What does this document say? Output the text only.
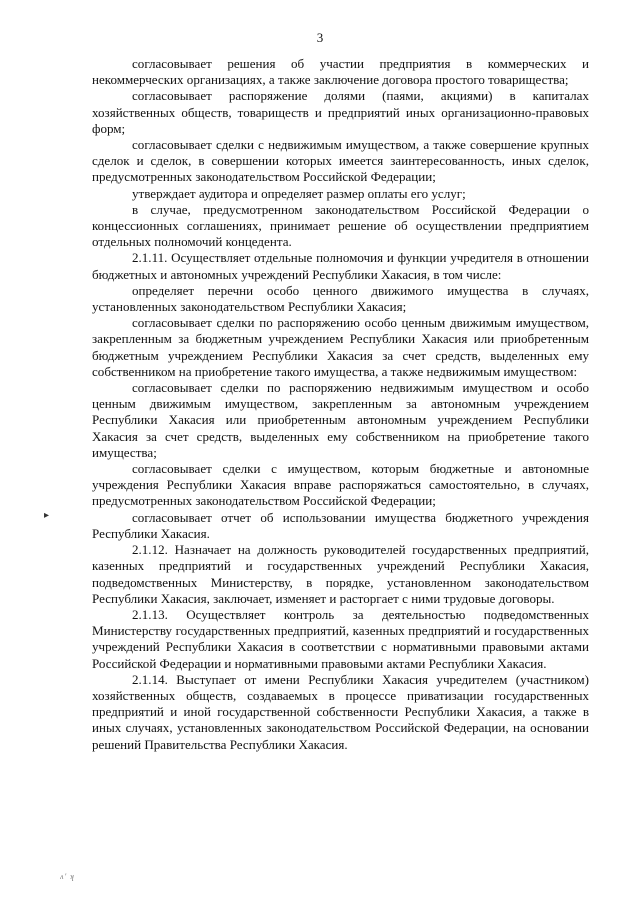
3

согласовывает решения об участии предприятия в коммерческих и некоммерческих организациях, а также заключение договора простого товарищества;

согласовывает распоряжение долями (паями, акциями) в капиталах хозяйственных обществ, товариществ и предприятий иных организационно-правовых форм;

согласовывает сделки с недвижимым имуществом, а также совершение крупных сделок и сделок, в совершении которых имеется заинтересованность, иных сделок, предусмотренных законодательством Российской Федерации;

утверждает аудитора и определяет размер оплаты его услуг;

в случае, предусмотренном законодательством Российской Федерации о концессионных соглашениях, принимает решение об осуществлении предприятием отдельных полномочий концедента.

2.1.11. Осуществляет отдельные полномочия и функции учредителя в отношении бюджетных и автономных учреждений Республики Хакасия, в том числе:

определяет перечни особо ценного движимого имущества в случаях, установленных законодательством Республики Хакасия;

согласовывает сделки по распоряжению особо ценным движимым имуществом, закрепленным за бюджетным учреждением Республики Хакасия или приобретенным бюджетным учреждением Республики Хакасия за счет средств, выделенных ему собственником на приобретение такого имущества, а также недвижимым имуществом:

согласовывает сделки по распоряжению недвижимым имуществом и особо ценным движимым имуществом, закрепленным за автономным учреждением Республики Хакасия или приобретенным автономным учреждением Республики Хакасия за счет средств, выделенных ему собственником на приобретение такого имущества;

согласовывает сделки с имуществом, которым бюджетные и автономные учреждения Республики Хакасия вправе распоряжаться самостоятельно, в случаях, предусмотренных законодательством Российской Федерации;

согласовывает отчет об использовании имущества бюджетного учреждения Республики Хакасия.

2.1.12. Назначает на должность руководителей государственных предприятий, казенных предприятий и государственных учреждений Республики Хакасия, подведомственных Министерству, в порядке, установленном законодательством Республики Хакасия, заключает, изменяет и расторгает с ними трудовые договоры.

2.1.13. Осуществляет контроль за деятельностью подведомственных Министерству государственных предприятий, казенных предприятий и государственных учреждений Республики Хакасия в соответствии с нормативными правовыми актами Российской Федерации и нормативными правовыми актами Республики Хакасия.

2.1.14. Выступает от имени Республики Хакасия учредителем (участником) хозяйственных обществ, создаваемых в процессе приватизации государственных предприятий и иной государственной собственности Республики Хакасия, а также в иных случаях, установленных законодательством Российской Федерации, на основании решений Правительства Республики Хакасия.

▸
ʌ' ʞ
